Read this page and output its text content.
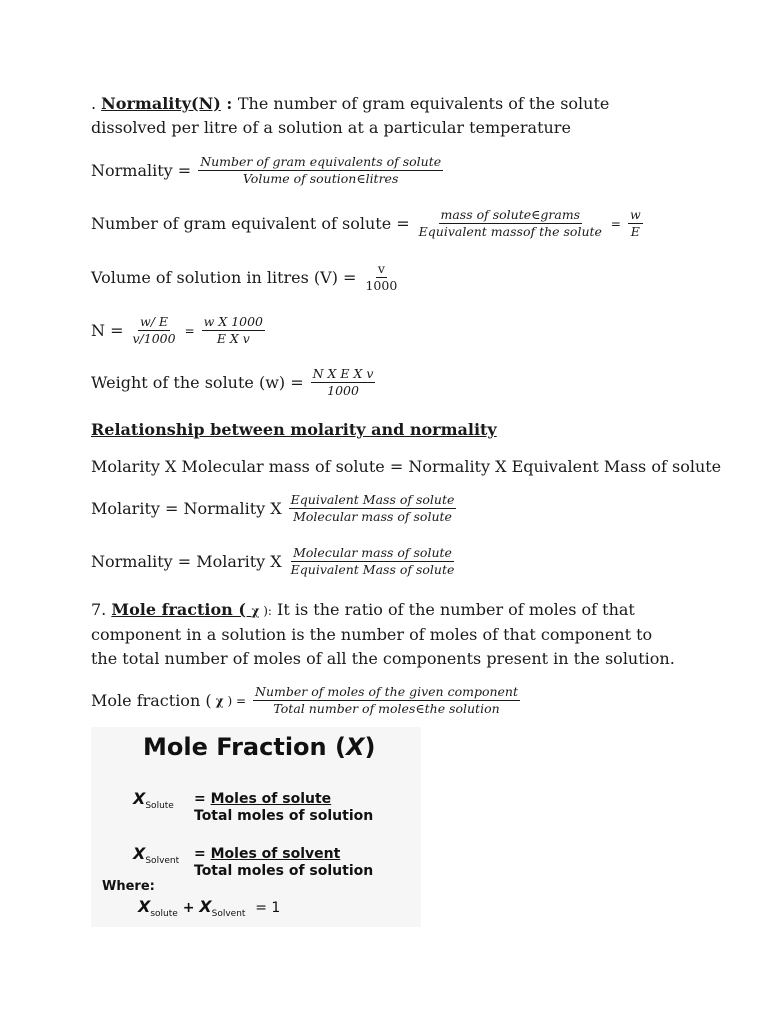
. Normality(N) : The number of gram equivalents of the solute dissolved per litre of a solution at a particular temperature
Normality = $\frac{\text{Number of gram equivalents of solute}}{\text{Volume of soution∈litres}}$
Number of gram equivalent of solute = $\frac{\text{mass of solute∈grams}}{\text{Equivalent massof the solute}} = \frac{w}{E}$
Volume of solution in litres $(V) = \frac{v}{1000}$
$N = \frac{w/ E}{v/1000} = \frac{\text{w X 1000}}{\text{E X v}}$
Weight of the solute $(w) = \frac{\text{N X E X v}}{1000}$
Relationship between molarity and normality
Molarity X Molecular mass of solute = Normality X Equivalent Mass of solute
Molarity = Normality X $\frac{\text{Equivalent Mass of solute}}{\text{Molecular mass of solute}}$
Normality = Molarity X $\frac{\text{Molecular mass of solute}}{\text{Equivalent Mass of solute}}$
7. Mole fraction ( χ ): It is the ratio of the number of moles of that component in a solution is the number of moles of that component to the total number of moles of all the components present in the solution.
Mole fraction ( χ ) = $\frac{\text{Number of moles of the given component}}{\text{Total number of moles∈the solution}}$
Mole Fraction (X)
$X_{Solute}$ = Moles of solute
Total moles of solution
$X_{Solvent}$ = Moles of solvent
Total moles of solution
Where:
$X_{solute} + X_{Solvent} = 1$
